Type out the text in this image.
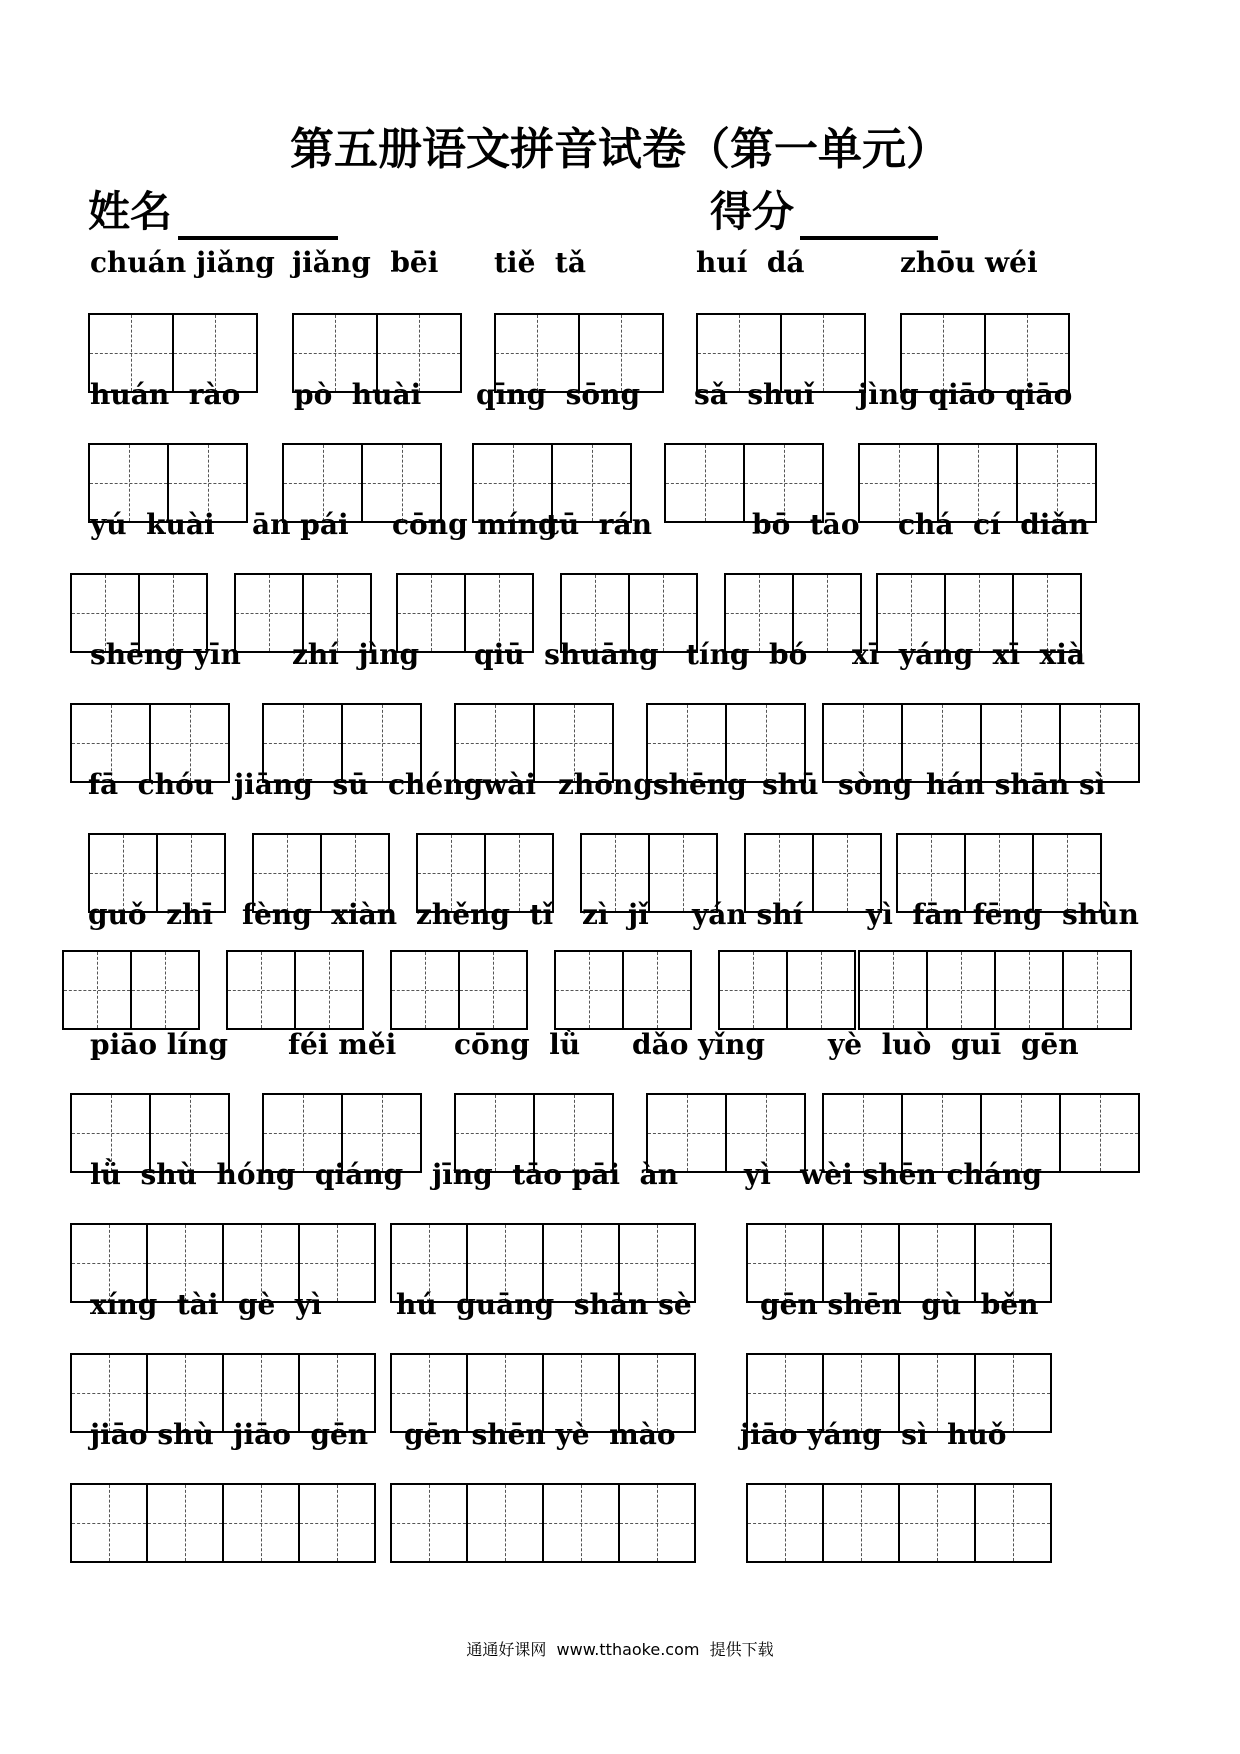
第五册语文拼音试卷（第一单元）
姓名	得分
chuán jiǎng jiǎng  bēi tiě  tǎ	huí  dá	zhōu wéi
huán  rào pò  huài qīng  sōng sǎ  shuǐ jìng qiāo qiāo
yú  kuài ān pái cōng míng
tū  rán	bō  tāo chá  cí  diǎn
shēng yīn zhí  jìng qiū  shuāng tíng  bó xī  yáng  xī  xià
fā  chóu jiāng  sū chéngwài zhōngshēng shū  sòng hán shān sì
guǒ  zhī fèng  xiàn zhěng  tǐ zì  jǐ yán shí yì  fān fēng  shùn
piāo líng féi měi cōng  lǜ dǎo yǐng yè  luò  guī  gēn
lǜ  shù  hóng  qiáng jīng  tāo pāi  àn yì   wèi shēn cháng
xíng  tài  gè  yì	hú  guāng  shān sè gēn shēn  gù  běn
jiāo shù  jiāo  gēn gēn shēn yè  mào jiāo yáng  sì  huǒ
通通好课网  www.tthaoke.com  提供下载
